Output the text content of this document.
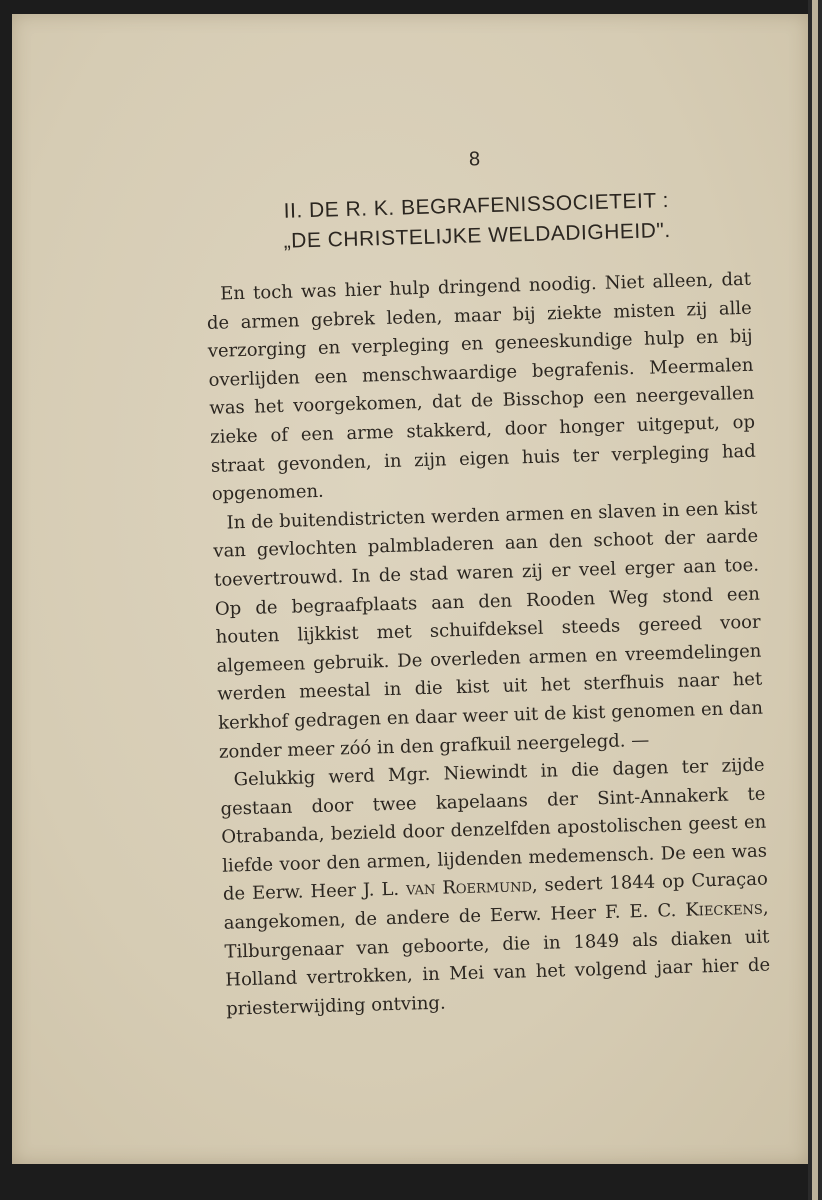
8
II. DE R. K. BEGRAFENISSOCIETEIT :
„DE CHRISTELIJKE WELDADIGHEID".

En toch was hier hulp dringend noodig. Niet alleen, dat de armen gebrek leden, maar bij ziekte misten zij alle verzorging en verpleging en geneeskundige hulp en bij overlijden een menschwaardige begrafenis. Meermalen was het voorgekomen, dat de Bisschop een neergevallen zieke of een arme stakkerd, door honger uitgeput, op straat gevonden, in zijn eigen huis ter verpleging had opgenomen.

In de buitendistricten werden armen en slaven in een kist van gevlochten palmbladeren aan den schoot der aarde toevertrouwd. In de stad waren zij er veel erger aan toe. Op de begraafplaats aan den Rooden Weg stond een houten lijkkist met schuifdeksel steeds gereed voor algemeen gebruik. De overleden armen en vreemdelingen werden meestal in die kist uit het sterfhuis naar het kerkhof gedragen en daar weer uit de kist genomen en dan zonder meer zóó in den grafkuil neergelegd. —

Gelukkig werd Mgr. Niewindt in die dagen ter zijde gestaan door twee kapelaans der Sint-Annakerk te Otrabanda, bezield door denzelfden apostolischen geest en liefde voor den armen, lijdenden medemensch. De een was de Eerw. Heer J. L. van Roermund, sedert 1844 op Curaçao aangekomen, de andere de Eerw. Heer F. E. C. Kieckens, Tilburgenaar van geboorte, die in 1849 als diaken uit Holland vertrokken, in Mei van het volgend jaar hier de priesterwijding ontving.
